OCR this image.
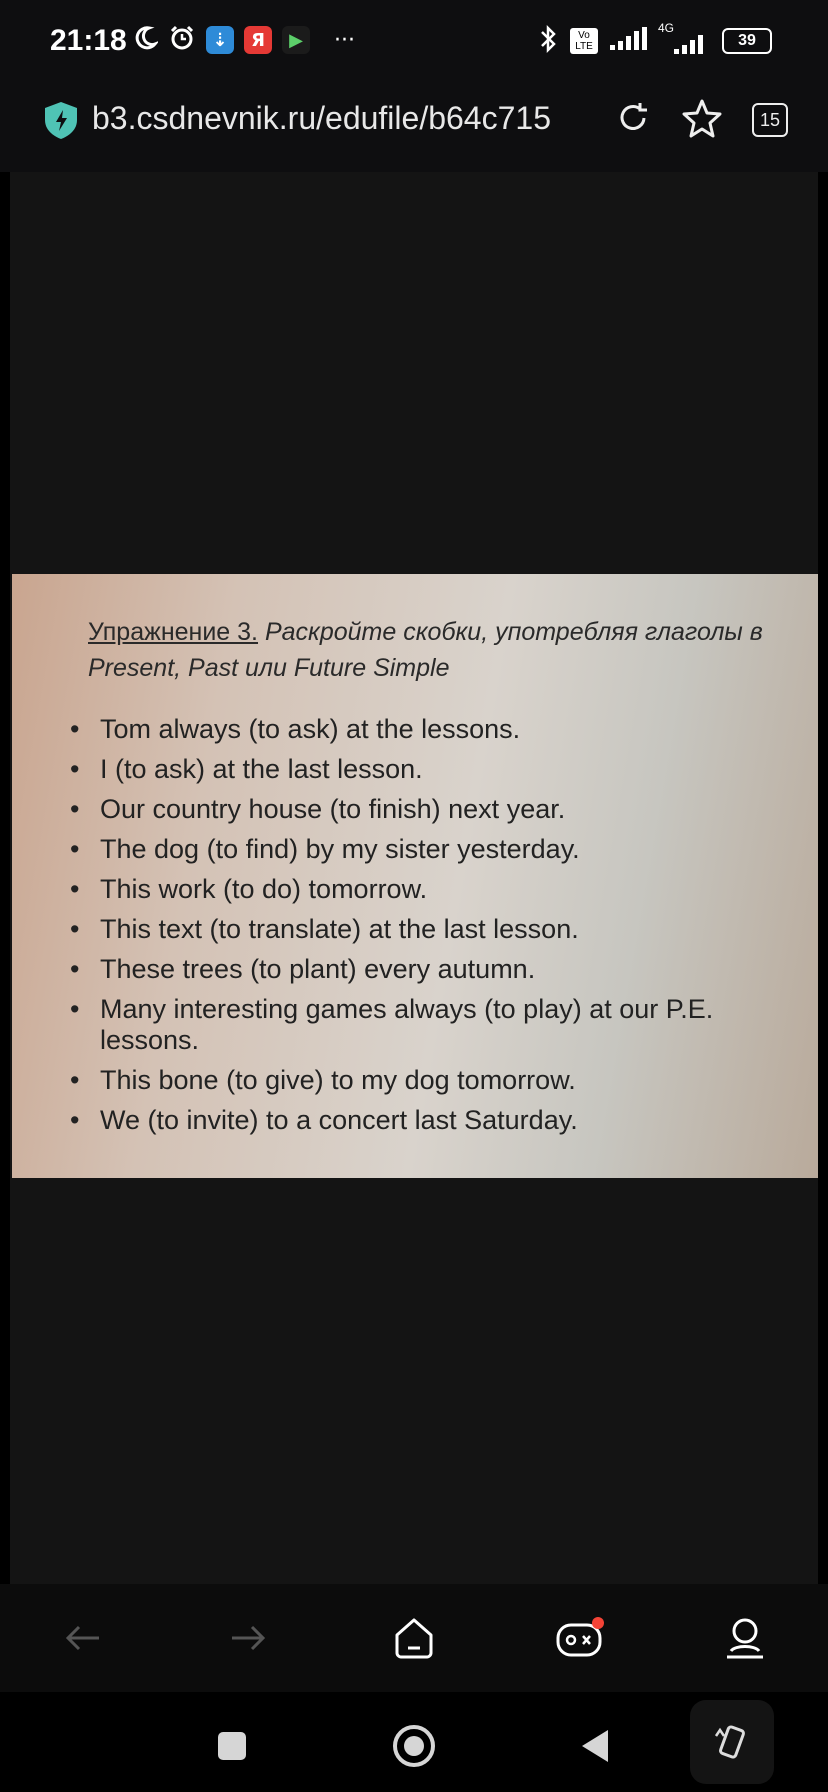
21:18	⇣	Я	▶	···	Vo LTE
4G
39
b3.csdnevnik.ru/edufile/b64c715	15
Упражнение 3. Раскройте скобки, употребляя глаголы в Present, Past или Future Simple
• Tom always (to ask) at the lessons.
• I (to ask) at the last lesson.
• Our country house (to finish) next year.
• The dog (to find) by my sister yesterday.
• This work (to do) tomorrow.
• This text (to translate) at the last lesson.
• These trees (to plant) every autumn.
• Many interesting games always (to play) at our P.E. lessons.
• This bone (to give) to my dog tomorrow.
• We (to invite) to a concert last Saturday.
